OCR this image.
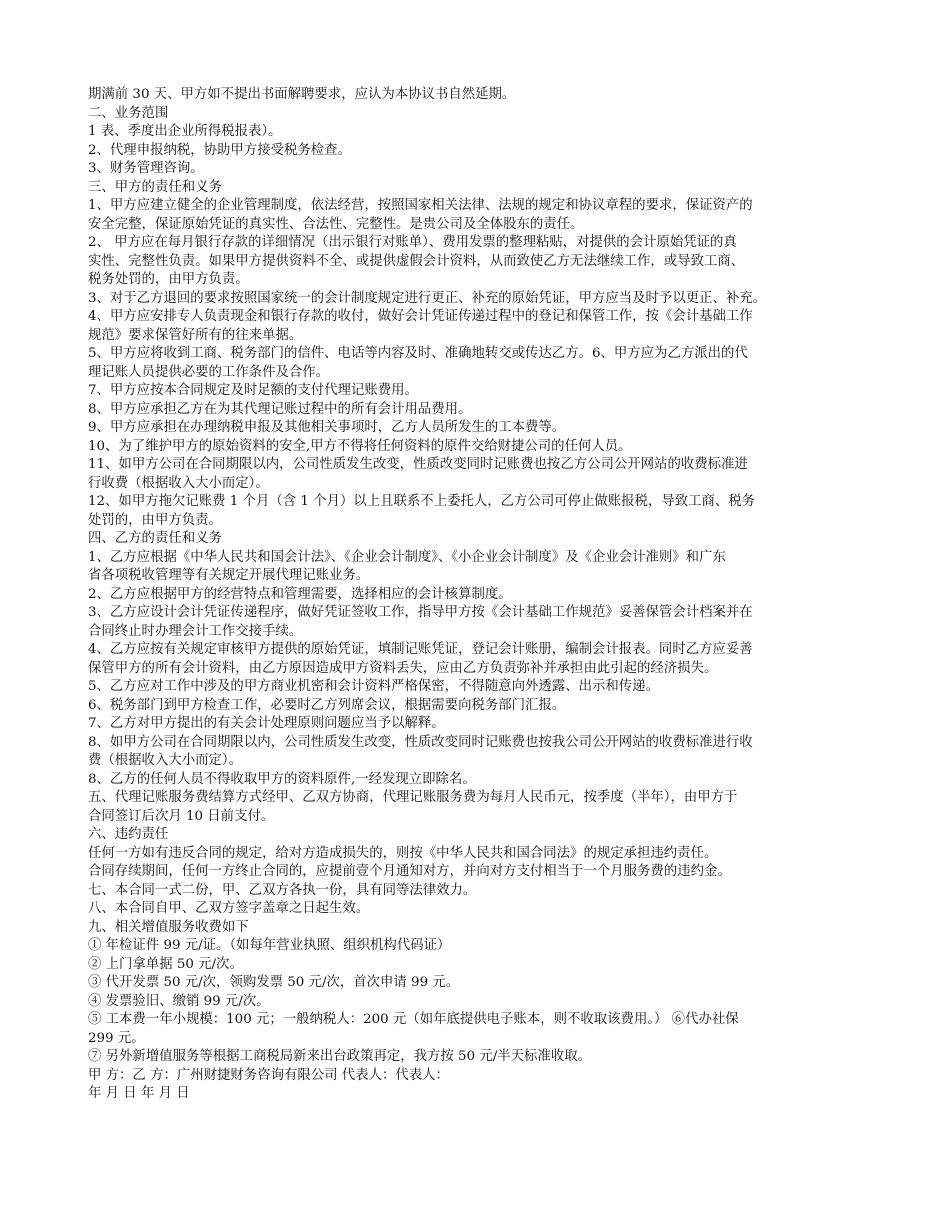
期满前 30 天、甲方如不提出书面解聘要求，应认为本协议书自然延期。
二、业务范围
1 表、季度出企业所得税报表）。
2、代理申报纳税，协助甲方接受税务检查。
3、财务管理咨询。
三、甲方的责任和义务
1、甲方应建立健全的企业管理制度，依法经营，按照国家相关法律、法规的规定和协议章程的要求，保证资产的
安全完整，保证原始凭证的真实性、合法性、完整性。是贵公司及全体股东的责任。
2、 甲方应在每月银行存款的详细情况（出示银行对账单）、费用发票的整理粘贴，对提供的会计原始凭证的真
实性、完整性负责。如果甲方提供资料不全、或提供虚假会计资料，从而致使乙方无法继续工作，或导致工商、
税务处罚的，由甲方负责。
3、对于乙方退回的要求按照国家统一的会计制度规定进行更正、补充的原始凭证，甲方应当及时予以更正、补充。
4、甲方应安排专人负责现金和银行存款的收付，做好会计凭证传递过程中的登记和保管工作，按《会计基础工作
规范》要求保管好所有的往来单据。
5、甲方应将收到工商、税务部门的信件、电话等内容及时、准确地转交或传达乙方。6、甲方应为乙方派出的代
理记账人员提供必要的工作条件及合作。
7、甲方应按本合同规定及时足额的支付代理记账费用。
8、甲方应承担乙方在为其代理记账过程中的所有会计用品费用。
9、甲方应承担在办理纳税申报及其他相关事项时，乙方人员所发生的工本费等。
10、为了维护甲方的原始资料的安全,甲方不得将任何资料的原件交给财捷公司的任何人员。
11、如甲方公司在合同期限以内，公司性质发生改变，性质改变同时记账费也按乙方公司公开网站的收费标准进
行收费（根据收入大小而定）。
12、如甲方拖欠记账费 1 个月（含 1 个月）以上且联系不上委托人，乙方公司可停止做账报税，导致工商、税务
处罚的，由甲方负责。
四、乙方的责任和义务
1、乙方应根据《中华人民共和国会计法》、《企业会计制度》、《小企业会计制度》及《企业会计准则》和广东
省各项税收管理等有关规定开展代理记账业务。
2、乙方应根据甲方的经营特点和管理需要，选择相应的会计核算制度。
3、乙方应设计会计凭证传递程序，做好凭证签收工作，指导甲方按《会计基础工作规范》妥善保管会计档案并在
合同终止时办理会计工作交接手续。
4、乙方应按有关规定审核甲方提供的原始凭证，填制记账凭证，登记会计账册，编制会计报表。同时乙方应妥善
保管甲方的所有会计资料，由乙方原因造成甲方资料丢失，应由乙方负责弥补并承担由此引起的经济损失。
5、乙方应对工作中涉及的甲方商业机密和会计资料严格保密，不得随意向外透露、出示和传递。
6、税务部门到甲方检查工作，必要时乙方列席会议，根据需要向税务部门汇报。
7、乙方对甲方提出的有关会计处理原则问题应当予以解释。
8、如甲方公司在合同期限以内，公司性质发生改变，性质改变同时记账费也按我公司公开网站的收费标准进行收
费（根据收入大小而定）。
8、乙方的任何人员不得收取甲方的资料原件,一经发现立即除名。
五、代理记账服务费结算方式经甲、乙双方协商，代理记账服务费为每月人民币元，按季度（半年），由甲方于
合同签订后次月 10 日前支付。
六、违约责任
任何一方如有违反合同的规定，给对方造成损失的，则按《中华人民共和国合同法》的规定承担违约责任。
合同存续期间，任何一方终止合同的，应提前壹个月通知对方，并向对方支付相当于一个月服务费的违约金。
七、本合同一式二份，甲、乙双方各执一份，具有同等法律效力。
八、本合同自甲、乙双方签字盖章之日起生效。
九、相关增值服务收费如下
① 年检证件 99 元/证。（如每年营业执照、组织机构代码证）
② 上门拿单据 50 元/次。
③ 代开发票 50 元/次，领购发票 50 元/次，首次申请 99 元。
④ 发票验旧、缴销 99 元/次。
⑤ 工本费一年小规模：100 元；一般纳税人：200 元（如年底提供电子账本，则不收取该费用。） ⑥代办社保
299 元。
⑦ 另外新增值服务等根据工商税局新来出台政策再定，我方按 50 元/半天标准收取。
甲 方：乙 方：广州财捷财务咨询有限公司 代表人：代表人：
年 月 日 年 月 日
